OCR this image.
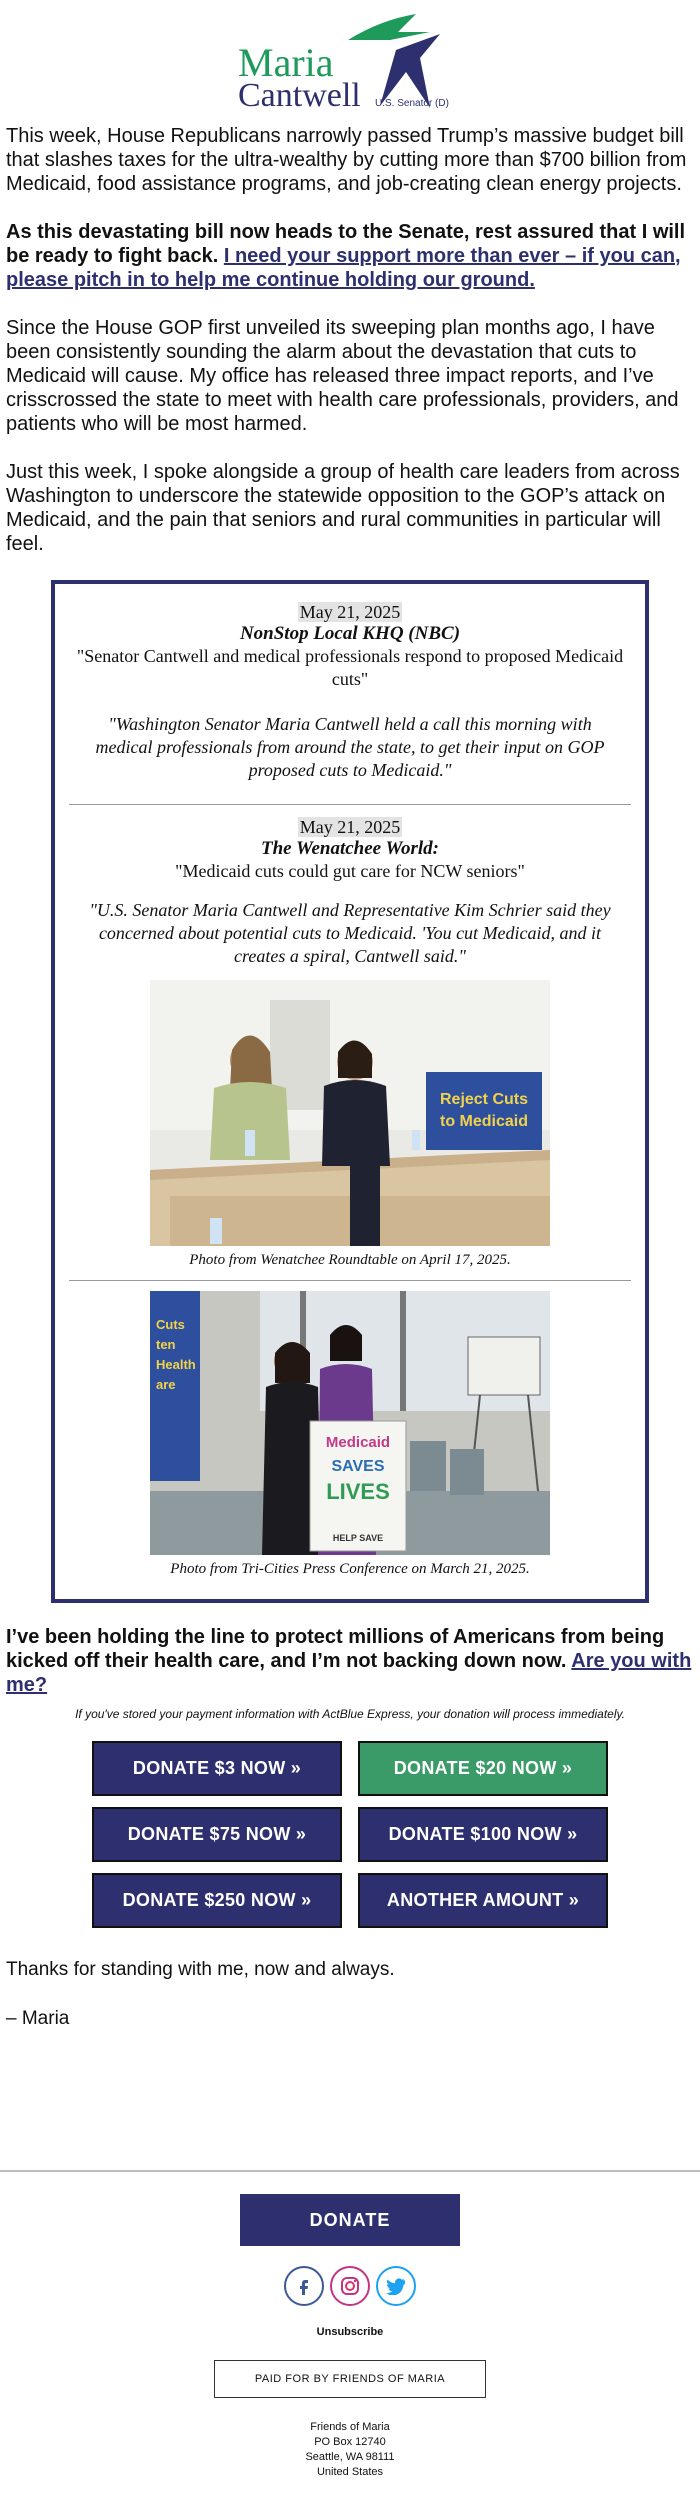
Maria
Cantwell U.S. Senator (D)

This week, House Republicans narrowly passed Trump’s massive budget bill that slashes taxes for the ultra-wealthy by cutting more than $700 billion from Medicaid, food assistance programs, and job-creating clean energy projects.

As this devastating bill now heads to the Senate, rest assured that I will be ready to fight back. I need your support more than ever – if you can, please pitch in to help me continue holding our ground.

Since the House GOP first unveiled its sweeping plan months ago, I have been consistently sounding the alarm about the devastation that cuts to Medicaid will cause. My office has released three impact reports, and I’ve crisscrossed the state to meet with health care professionals, providers, and patients who will be most harmed.

Just this week, I spoke alongside a group of health care leaders from across Washington to underscore the statewide opposition to the GOP’s attack on Medicaid, and the pain that seniors and rural communities in particular will feel.

May 21, 2025
NonStop Local KHQ (NBC)
"Senator Cantwell and medical professionals respond to proposed Medicaid cuts"
"Washington Senator Maria Cantwell held a call this morning with medical professionals from around the state, to get their input on GOP proposed cuts to Medicaid."
May 21, 2025
The Wenatchee World:
"Medicaid cuts could gut care for NCW seniors"
"U.S. Senator Maria Cantwell and Representative Kim Schrier said they concerned about potential cuts to Medicaid. 'You cut Medicaid, and it creates a spiral, Cantwell said."
Reject Cuts
to Medicaid
Photo from Wenatchee Roundtable on April 17, 2025.
Cuts
ten
Health
are
Medicaid
SAVES
LIVES
HELP SAVE
Photo from Tri-Cities Press Conference on March 21, 2025.

I’ve been holding the line to protect millions of Americans from being kicked off their health care, and I’m not backing down now. Are you with me?

If you've stored your payment information with ActBlue Express, your donation will process immediately.

DONATE $3 NOW »	DONATE $20 NOW »
DONATE $75 NOW »	DONATE $100 NOW »
DONATE $250 NOW »	ANOTHER AMOUNT »

Thanks for standing with me, now and always.

– Maria

DONATE
Unsubscribe
PAID FOR BY FRIENDS OF MARIA
Friends of Maria
PO Box 12740
Seattle, WA 98111
United States
